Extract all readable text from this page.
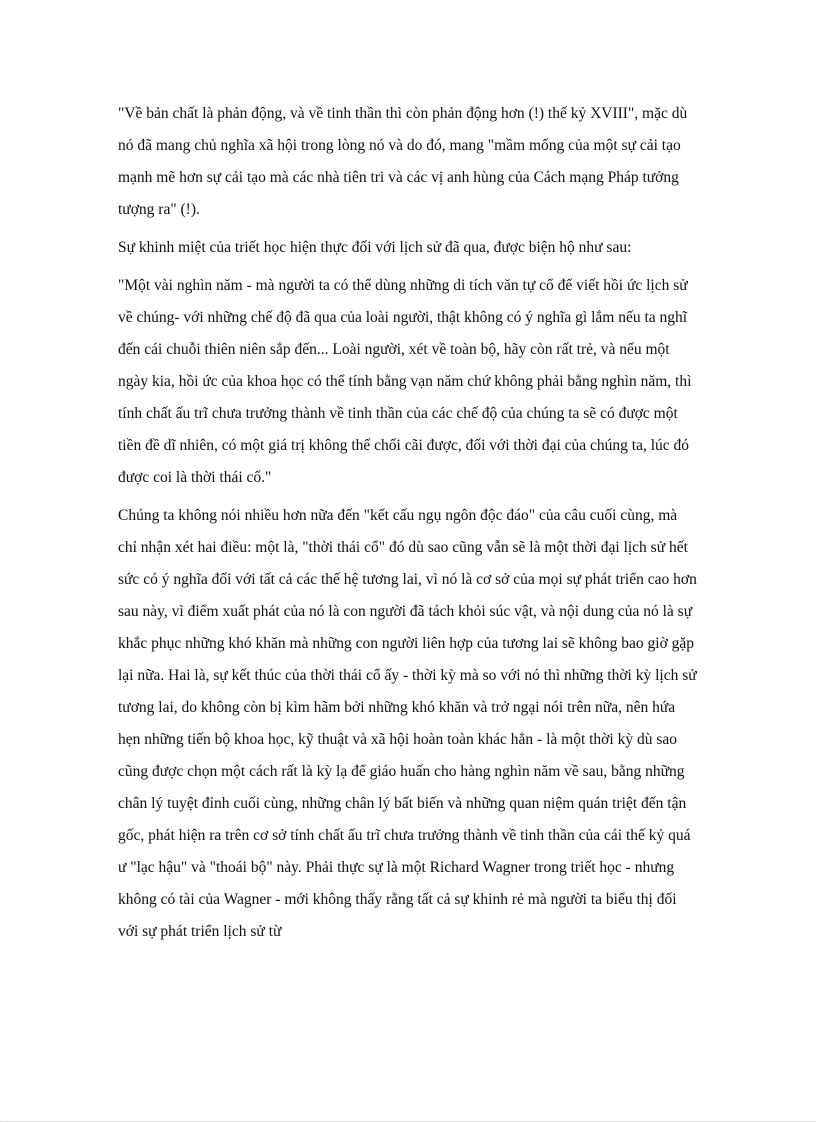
"Về bản chất là phản động, và về tinh thần thì còn phản động hơn (!) thế kỷ XVIII", mặc dù nó đã mang chủ nghĩa xã hội trong lòng nó và do đó, mang "mầm mống của một sự cải tạo mạnh mẽ hơn sự cải tạo mà các nhà tiên tri và các vị anh hùng của Cách mạng Pháp tưởng tượng ra" (!).

Sự khinh miệt của triết học hiện thực đối với lịch sử đã qua, được biện hộ như sau:

"Một vài nghìn năm - mà người ta có thể dùng những di tích văn tự cổ để viết hồi ức lịch sử về chúng- với những chế độ đã qua của loài người, thật không có ý nghĩa gì lắm nếu ta nghĩ đến cái chuỗi thiên niên sắp đến... Loài người, xét về toàn bộ, hãy còn rất trẻ, và nếu một ngày kia, hồi ức của khoa học có thể tính bằng vạn năm chứ không phải bằng nghìn năm, thì tính chất ấu trĩ chưa trưởng thành về tinh thần của các chế độ của chúng ta sẽ có được một tiền đề dĩ nhiên, có một giá trị không thể chối cãi được, đối với thời đại của chúng ta, lúc đó được coi là thời thái cổ."

Chúng ta không nói nhiều hơn nữa đến "kết cấu ngụ ngôn độc đáo" của câu cuối cùng, mà chỉ nhận xét hai điều: một là, "thời thái cổ" đó dù sao cũng vẫn sẽ là một thời đại lịch sử hết sức có ý nghĩa đối với tất cả các thế hệ tương lai, vì nó là cơ sở của mọi sự phát triển cao hơn sau này, vì điểm xuất phát của nó là con người đã tách khỏi súc vật, và nội dung của nó là sự khắc phục những khó khăn mà những con người liên hợp của tương lai sẽ không bao giờ gặp lại nữa. Hai là, sự kết thúc của thời thái cổ ấy - thời kỳ mà so với nó thì những thời kỳ lịch sử tương lai, do không còn bị kìm hãm bởi những khó khăn và trở ngại nói trên nữa, nên hứa hẹn những tiến bộ khoa học, kỹ thuật và xã hội hoàn toàn khác hẳn - là một thời kỳ dù sao cũng được chọn một cách rất là kỳ lạ để giáo huấn cho hàng nghìn năm về sau, bằng những chân lý tuyệt đỉnh cuối cùng, những chân lý bất biến và những quan niệm quán triệt đến tận gốc, phát hiện ra trên cơ sở tính chất ấu trĩ chưa trưởng thành về tinh thần của cái thế kỷ quá ư "lạc hậu" và "thoái bộ" này. Phải thực sự là một Richard Wagner trong triết học - nhưng không có tài của Wagner - mới không thấy rằng tất cả sự khinh rẻ mà người ta biểu thị đối với sự phát triển lịch sử từ
